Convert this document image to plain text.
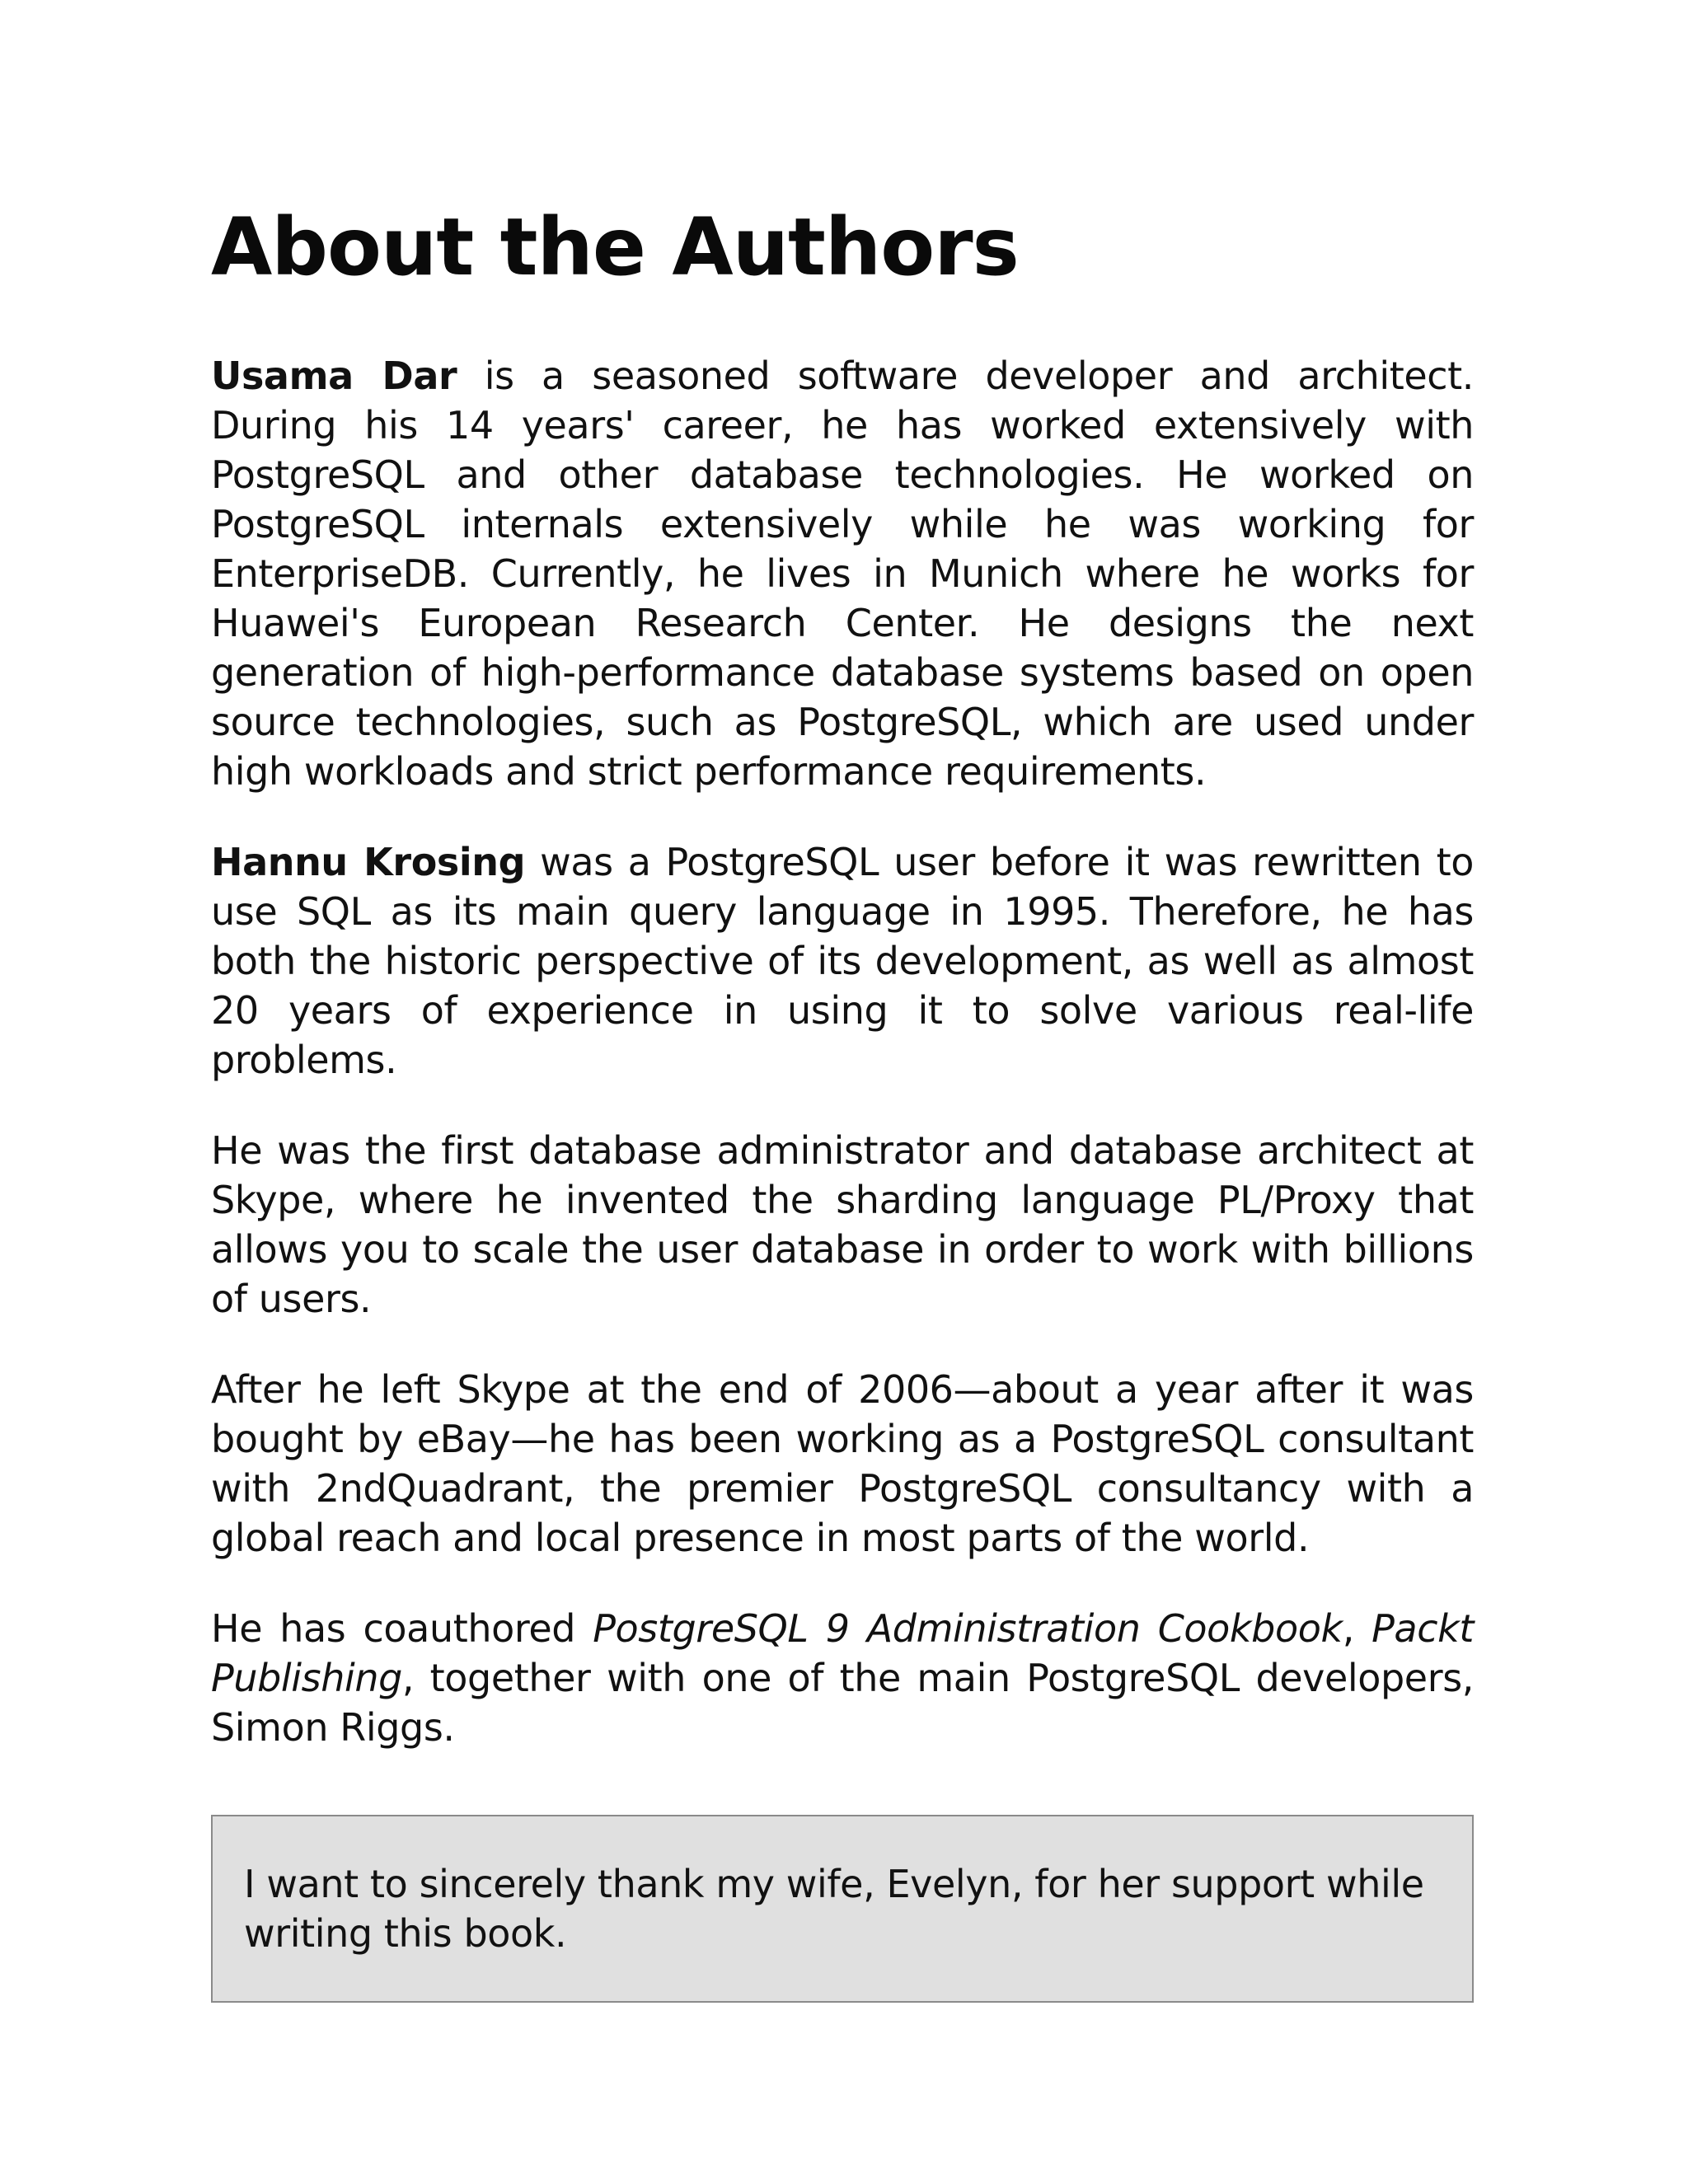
About the Authors

Usama Dar is a seasoned software developer and architect. During his 14 years' career, he has worked extensively with PostgreSQL and other database technologies. He worked on PostgreSQL internals extensively while he was working for EnterpriseDB. Currently, he lives in Munich where he works for Huawei's European Research Center. He designs the next generation of high-performance database systems based on open source technologies, such as PostgreSQL, which are used under high workloads and strict performance requirements.

Hannu Krosing was a PostgreSQL user before it was rewritten to use SQL as its main query language in 1995. Therefore, he has both the historic perspective of its development, as well as almost 20 years of experience in using it to solve various real-life problems.

He was the first database administrator and database architect at Skype, where he invented the sharding language PL/Proxy that allows you to scale the user database in order to work with billions of users.

After he left Skype at the end of 2006—about a year after it was bought by eBay—he has been working as a PostgreSQL consultant with 2ndQuadrant, the premier PostgreSQL consultancy with a global reach and local presence in most parts of the world.

He has coauthored PostgreSQL 9 Administration Cookbook, Packt Publishing, together with one of the main PostgreSQL developers, Simon Riggs.

I want to sincerely thank my wife, Evelyn, for her support while writing this book.
